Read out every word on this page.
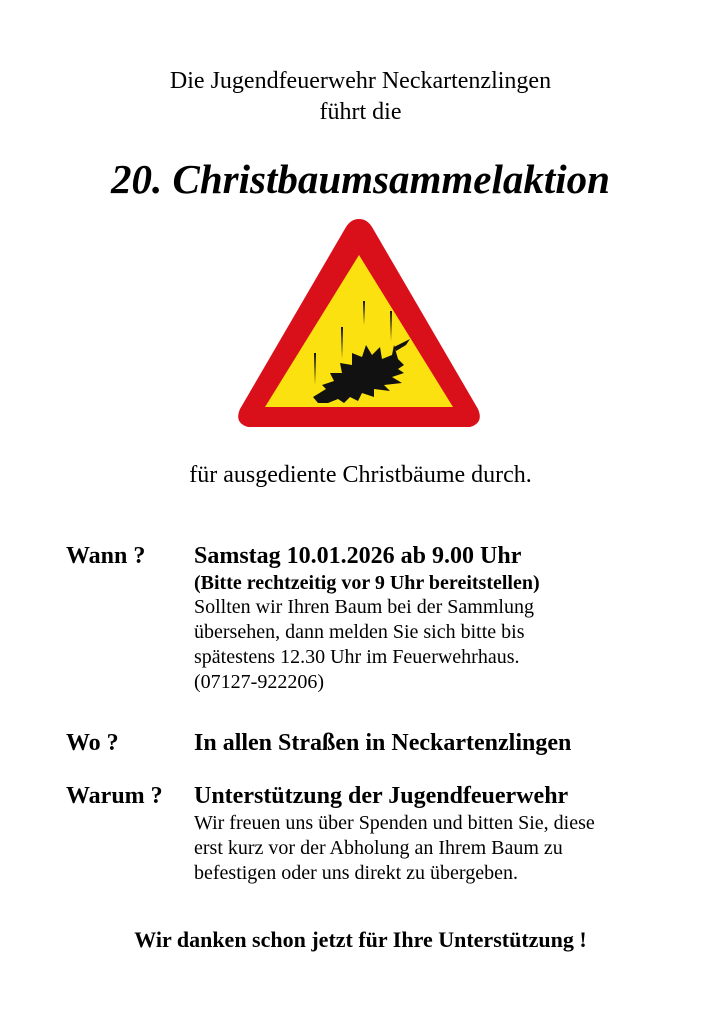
Die Jugendfeuerwehr Neckartenzlingen
führt die
20. Christbaumsammelaktion
für ausgediente Christbäume durch.
Wann ? Samstag 10.01.2026 ab 9.00 Uhr
(Bitte rechtzeitig vor 9 Uhr bereitstellen)
Sollten wir Ihren Baum bei der Sammlung
übersehen, dann melden Sie sich bitte bis
spätestens 12.30 Uhr im Feuerwehrhaus.
(07127-922206)
Wo ?	In allen Straßen in Neckartenzlingen
Warum ? Unterstützung der Jugendfeuerwehr
Wir freuen uns über Spenden und bitten Sie, diese
erst kurz vor der Abholung an Ihrem Baum zu
befestigen oder uns direkt zu übergeben.
Wir danken schon jetzt für Ihre Unterstützung !
